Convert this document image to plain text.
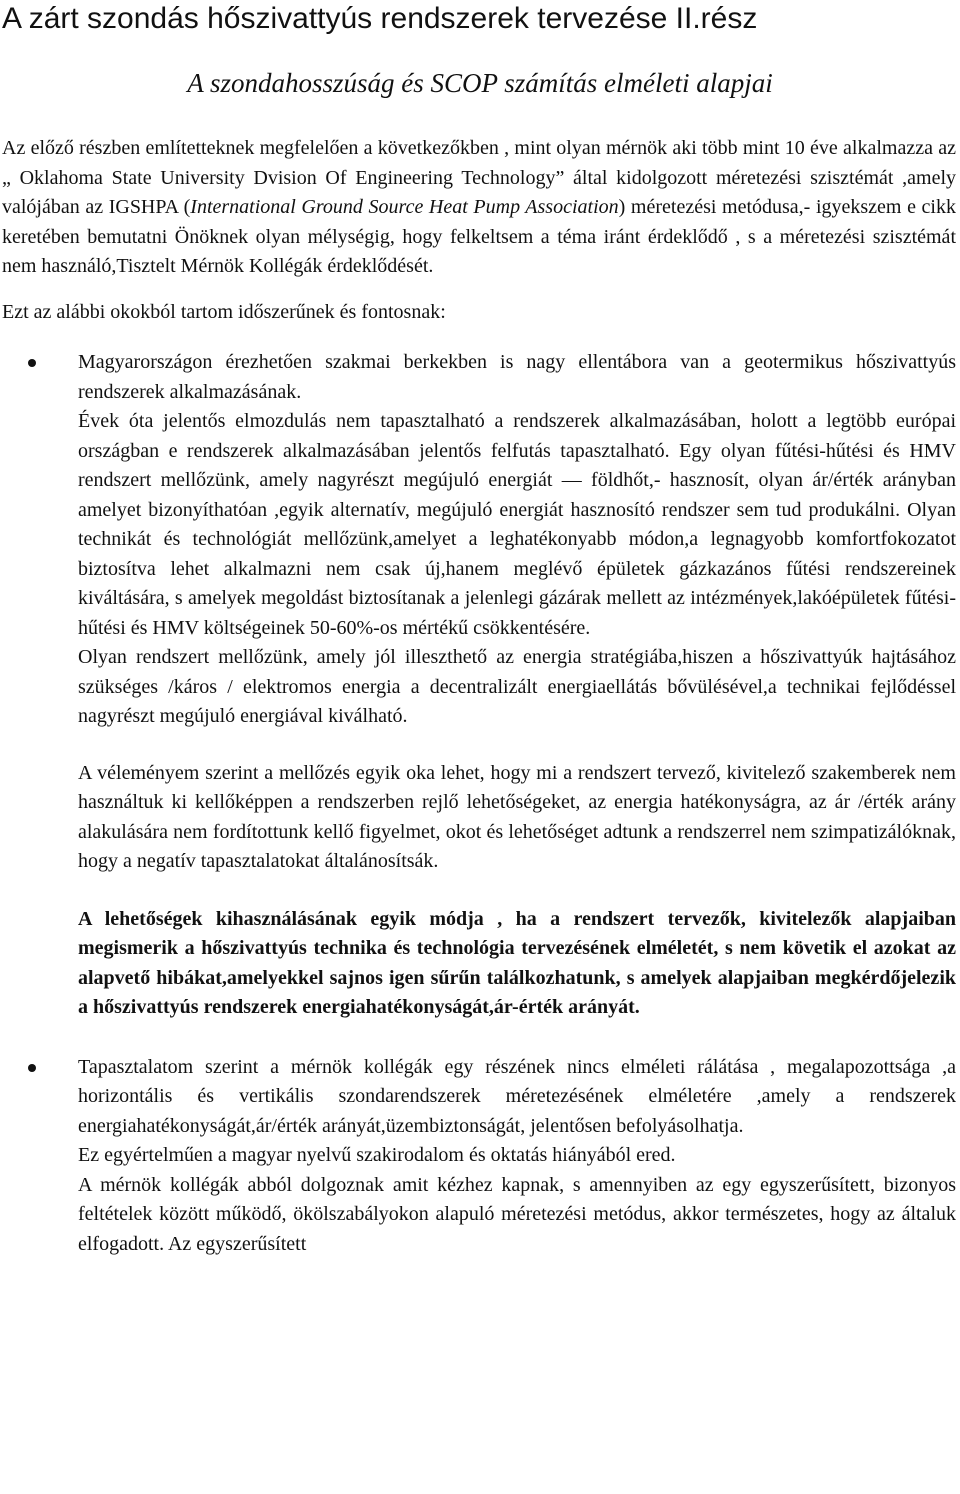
A zárt szondás hőszivattyús rendszerek tervezése II.rész
A szondahosszúság és SCOP számítás elméleti alapjai

Az előző részben említetteknek megfelelően a következőkben , mint olyan mérnök aki több mint 10 éve alkalmazza az „ Oklahoma State University Dvision Of Engineering Technology” által kidolgozott méretezési szisztémát ,amely valójában az IGSHPA (International Ground Source Heat Pump Association) méretezési metódusa,- igyekszem e cikk keretében bemutatni Önöknek olyan mélységig, hogy felkeltsem a téma iránt érdeklődő , s a méretezési szisztémát nem használó,Tisztelt Mérnök Kollégák érdeklődését.

Ezt az alábbi okokból tartom időszerűnek és fontosnak:

Magyarországon érezhetően szakmai berkekben is nagy ellentábora van a geotermikus hőszivattyús rendszerek alkalmazásának.

Évek óta jelentős elmozdulás nem tapasztalható a rendszerek alkalmazásában, holott a legtöbb európai országban e rendszerek alkalmazásában jelentős felfutás tapasztalható. Egy olyan fűtési-hűtési és HMV rendszert mellőzünk, amely nagyrészt megújuló energiát — földhőt,- hasznosít, olyan ár/érték arányban amelyet bizonyíthatóan ,egyik alternatív, megújuló energiát hasznosító rendszer sem tud produkálni. Olyan technikát és technológiát mellőzünk,amelyet a leghatékonyabb módon,a legnagyobb komfortfokozatot biztosítva lehet alkalmazni nem csak új,hanem meglévő épületek gázkazános fűtési rendszereinek kiváltására, s amelyek megoldást biztosítanak a jelenlegi gázárak mellett az intézmények,lakóépületek fűtési-hűtési és HMV költségeinek 50-60%-os mértékű csökkentésére.

Olyan rendszert mellőzünk, amely jól illeszthető az energia stratégiába,hiszen a hőszivattyúk hajtásához szükséges /káros / elektromos energia a decentralizált energiaellátás bővülésével,a technikai fejlődéssel nagyrészt megújuló energiával kiválható.

A véleményem szerint a mellőzés egyik oka lehet, hogy mi a rendszert tervező, kivitelező szakemberek nem használtuk ki kellőképpen a rendszerben rejlő lehetőségeket, az energia hatékonyságra, az ár /érték arány alakulására nem fordítottunk kellő figyelmet, okot és lehetőséget adtunk a rendszerrel nem szimpatizálóknak, hogy a negatív tapasztalatokat általánosítsák.

A lehetőségek kihasználásának egyik módja , ha a rendszert tervezők, kivitelezők alapjaiban megismerik a hőszivattyús technika és technológia tervezésének elméletét, s nem követik el azokat az alapvető hibákat,amelyekkel sajnos igen sűrűn találkozhatunk, s amelyek alapjaiban megkérdőjelezik a hőszivattyús rendszerek energiahatékonyságát,ár-érték arányát.

Tapasztalatom szerint a mérnök kollégák egy részének nincs elméleti rálátása , megalapozottsága ,a horizontális és vertikális szondarendszerek méretezésének elméletére ,amely a rendszerek energiahatékonyságát,ár/érték arányát,üzembiztonságát, jelentősen befolyásolhatja.

Ez egyértelműen a magyar nyelvű szakirodalom és oktatás hiányából ered.

A mérnök kollégák abból dolgoznak amit kézhez kapnak, s amennyiben az egy egyszerűsített, bizonyos feltételek között működő, ökölszabályokon alapuló méretezési metódus, akkor természetes, hogy az általuk elfogadott. Az egyszerűsített
